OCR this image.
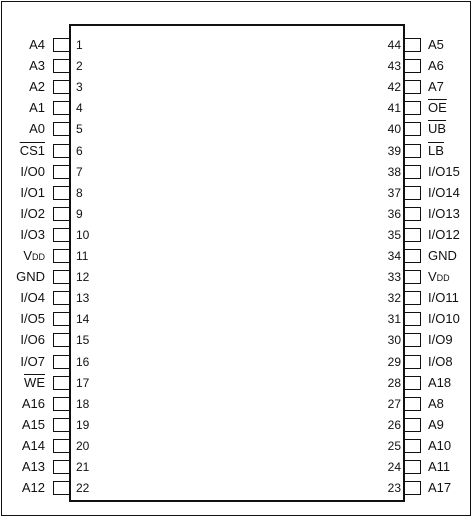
1
A4
2
A3
3
A2
4
A1
5
A0
6
CS1
7
I/O0
8
I/O1
9
I/O2
10
I/O3
11
VDD
12
GND
13
I/O4
14
I/O5
15
I/O6
16
I/O7
17
$\overline{WE}$
18
A16
19
A15
20
A14
21
A13
22
A12
44 A5
43 A6
42 A7
41 $\overline{OE}$
40 $\overline{UB}$
39 $\overline{LB}$
38 I/O15
37 I/O14
36 I/O13
35 I/O12
34 GND
33 VDD
32 I/O11
31 I/O10
30 I/O9
29 I/O8
28 A18
27 A8
26 A9
25 A10
24 A11
23 A17
